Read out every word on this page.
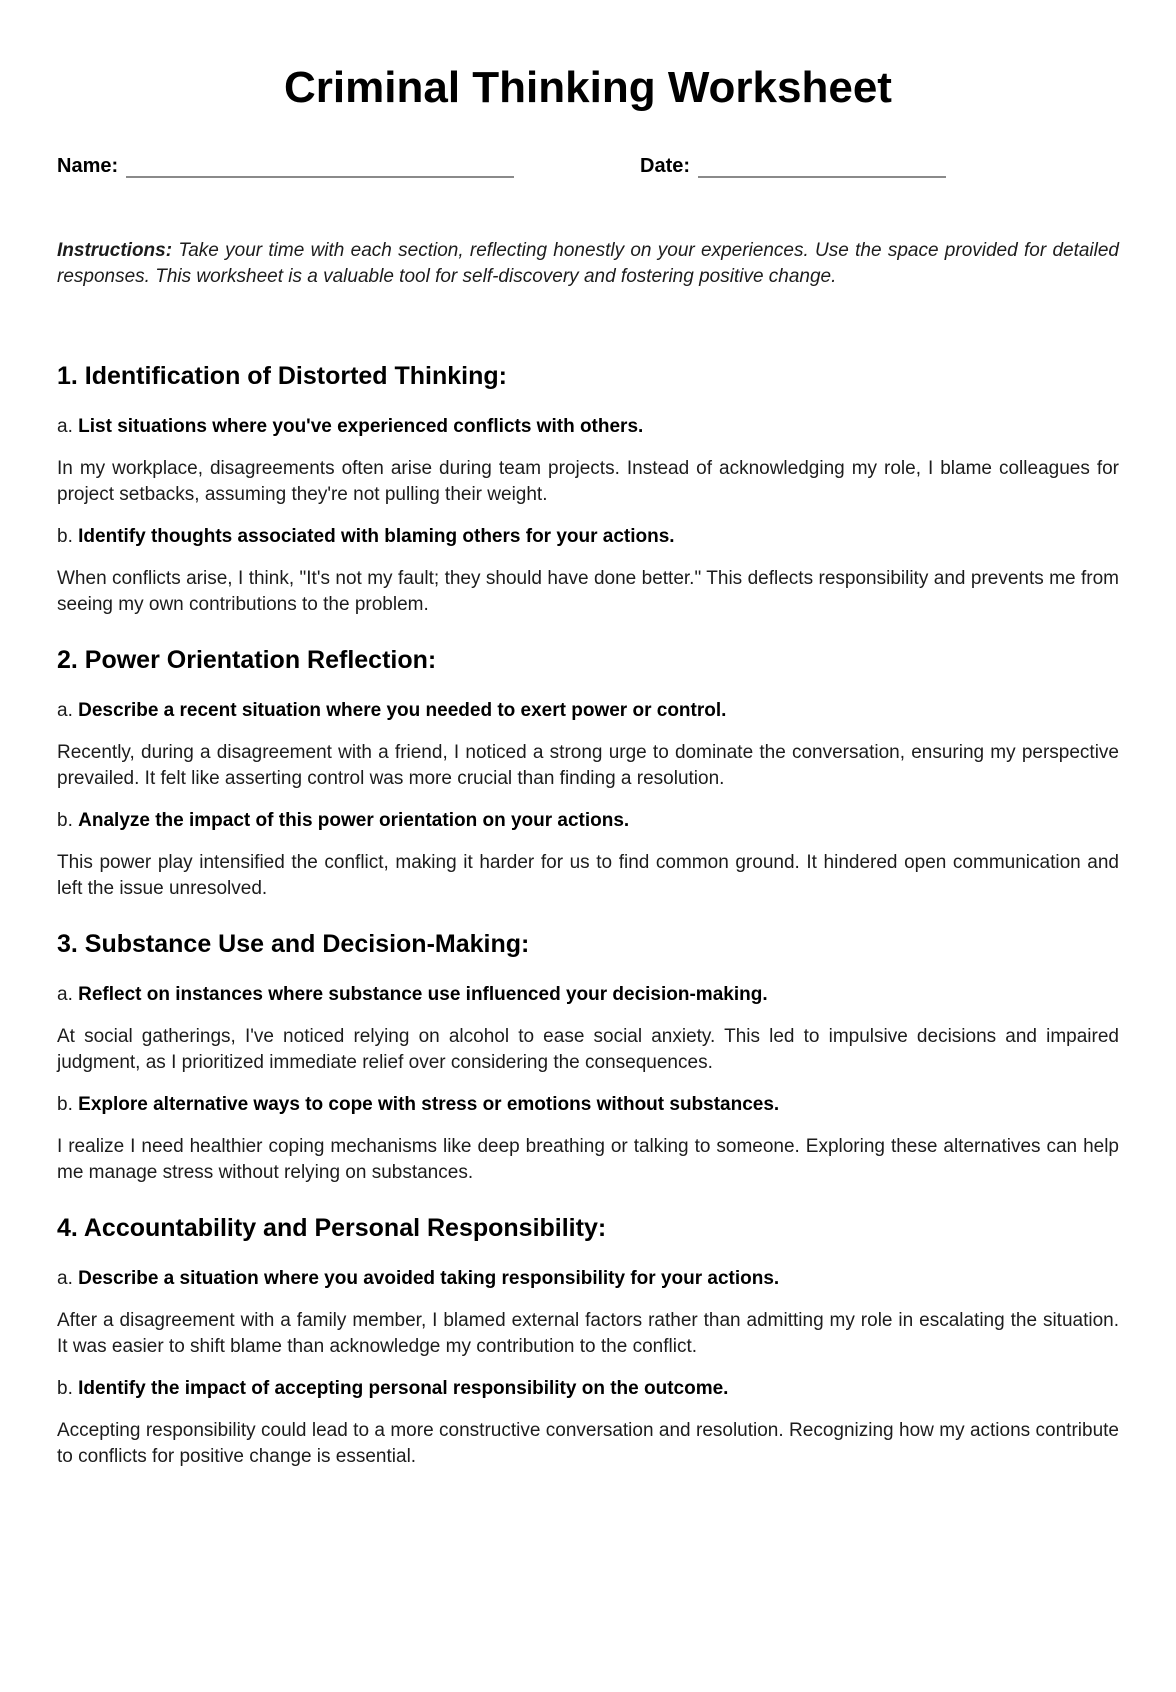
Criminal Thinking Worksheet
Name:	Date:

Instructions: Take your time with each section, reflecting honestly on your experiences. Use the space provided for detailed responses. This worksheet is a valuable tool for self-discovery and fostering positive change.

1. Identification of Distorted Thinking:

a. List situations where you've experienced conflicts with others.

In my workplace, disagreements often arise during team projects. Instead of acknowledging my role, I blame colleagues for project setbacks, assuming they're not pulling their weight.

b. Identify thoughts associated with blaming others for your actions.

When conflicts arise, I think, "It's not my fault; they should have done better." This deflects responsibility and prevents me from seeing my own contributions to the problem.

2. Power Orientation Reflection:

a. Describe a recent situation where you needed to exert power or control.

Recently, during a disagreement with a friend, I noticed a strong urge to dominate the conversation, ensuring my perspective prevailed. It felt like asserting control was more crucial than finding a resolution.

b. Analyze the impact of this power orientation on your actions.

This power play intensified the conflict, making it harder for us to find common ground. It hindered open communication and left the issue unresolved.

3. Substance Use and Decision-Making:

a. Reflect on instances where substance use influenced your decision-making.

At social gatherings, I've noticed relying on alcohol to ease social anxiety. This led to impulsive decisions and impaired judgment, as I prioritized immediate relief over considering the consequences.

b. Explore alternative ways to cope with stress or emotions without substances.

I realize I need healthier coping mechanisms like deep breathing or talking to someone. Exploring these alternatives can help me manage stress without relying on substances.

4. Accountability and Personal Responsibility:

a. Describe a situation where you avoided taking responsibility for your actions.

After a disagreement with a family member, I blamed external factors rather than admitting my role in escalating the situation. It was easier to shift blame than acknowledge my contribution to the conflict.

b. Identify the impact of accepting personal responsibility on the outcome.

Accepting responsibility could lead to a more constructive conversation and resolution. Recognizing how my actions contribute to conflicts for positive change is essential.
